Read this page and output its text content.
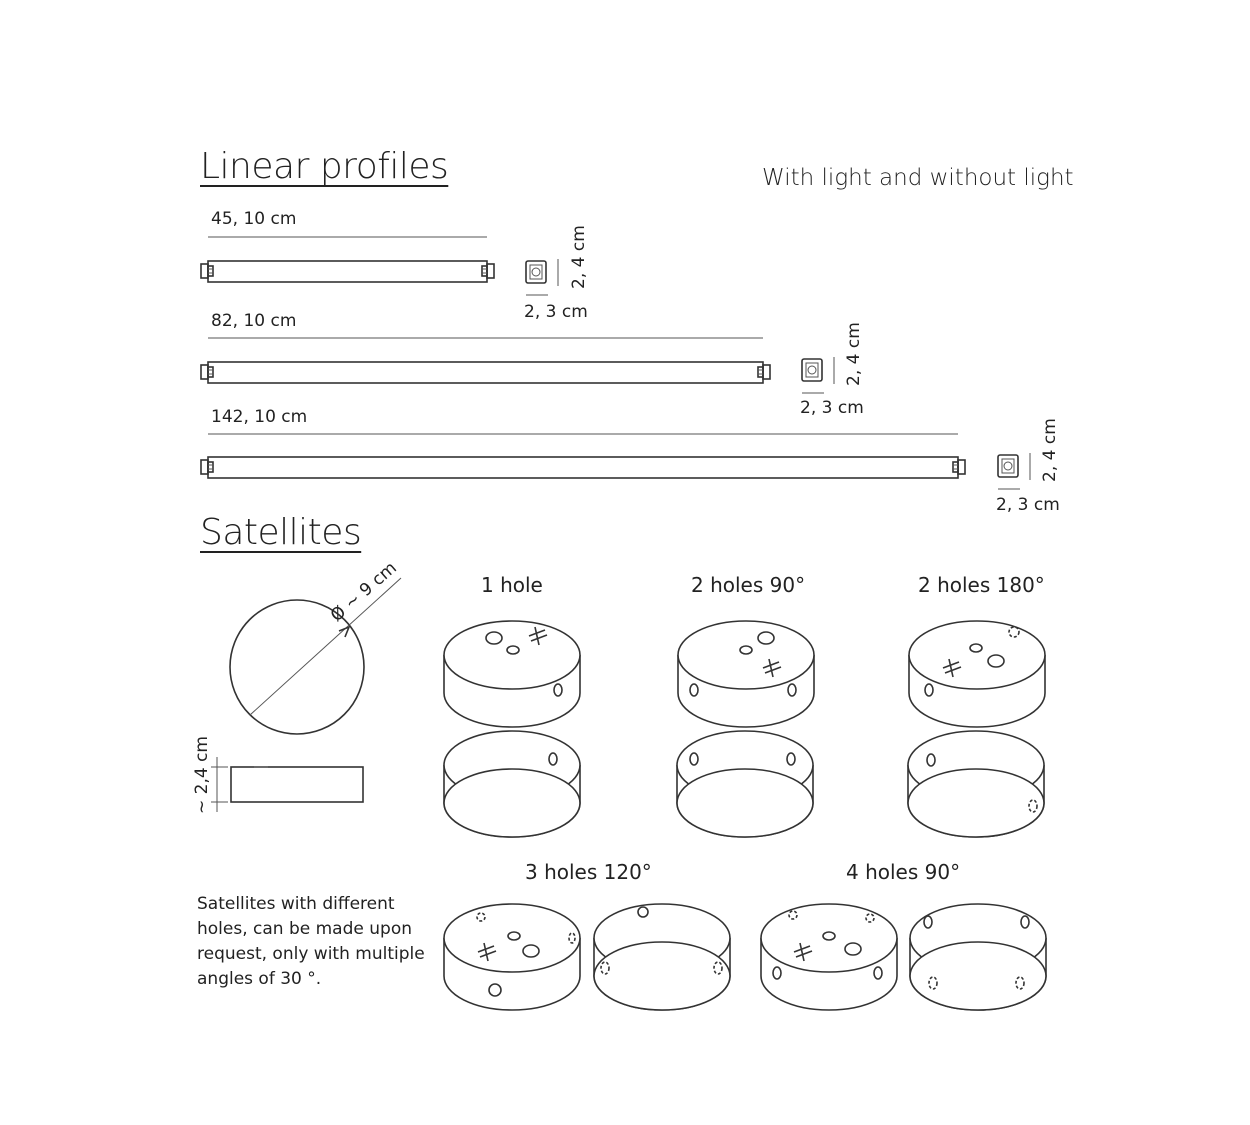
Linear profiles	With light and without light
45, 10 cm
2, 4 cm
2, 3 cm
82, 10 cm
2, 4 cm
2, 3 cm
142, 10 cm
2, 4 cm
2, 3 cm
Satellites
Ø ~ 9 cm
~ 2,4 cm
1 hole	2 holes 90°	2 holes 180°
3 holes 120°	4 holes 90°
Satellites with different holes, can be made upon request, only with multiple angles of 30 °.
